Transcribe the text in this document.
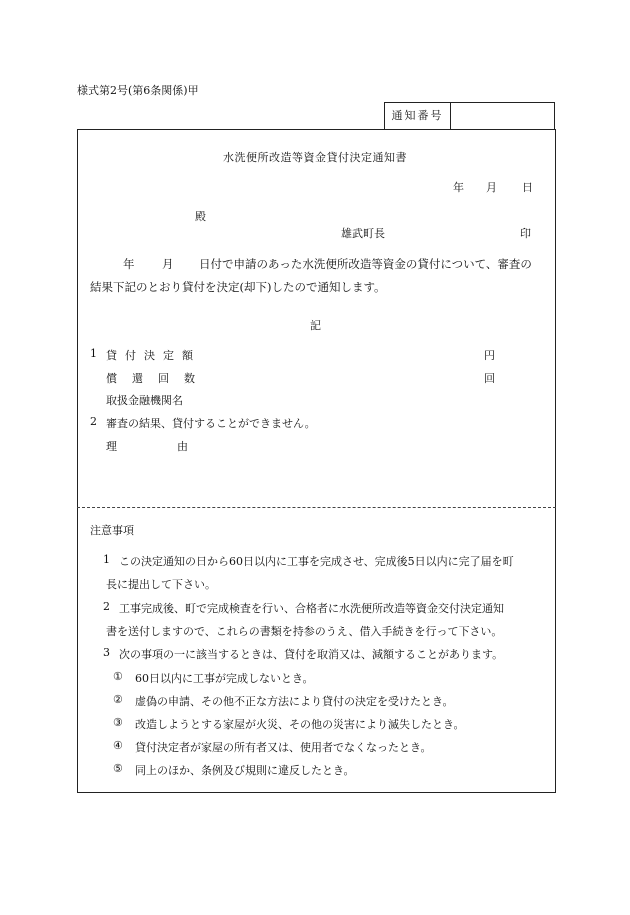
様式第2号(第6条関係)甲
通知番号
水洗便所改造等資金貸付決定通知書
年 月 日
殿
雄武町長	印
年 月 日付で申請のあった水洗便所改造等資金の貸付について、審査の
結果下記のとおり貸付を決定(却下)したので通知します。
記
1 貸付決定額	円
償還回数	回
取扱金融機関名
2 審査の結果、貸付することができません。
理	由
注意事項
1 この決定通知の日から60日以内に工事を完成させ、完成後5日以内に完了届を町
長に提出して下さい。
2 工事完成後、町で完成検査を行い、合格者に水洗便所改造等資金交付決定通知
書を送付しますので、これらの書類を持参のうえ、借入手続きを行って下さい。
3 次の事項の一に該当するときは、貸付を取消又は、減額することがあります。
① 60日以内に工事が完成しないとき。
② 虚偽の申請、その他不正な方法により貸付の決定を受けたとき。
③ 改造しようとする家屋が火災、その他の災害により滅失したとき。
④ 貸付決定者が家屋の所有者又は、使用者でなくなったとき。
⑤ 同上のほか、条例及び規則に違反したとき。
